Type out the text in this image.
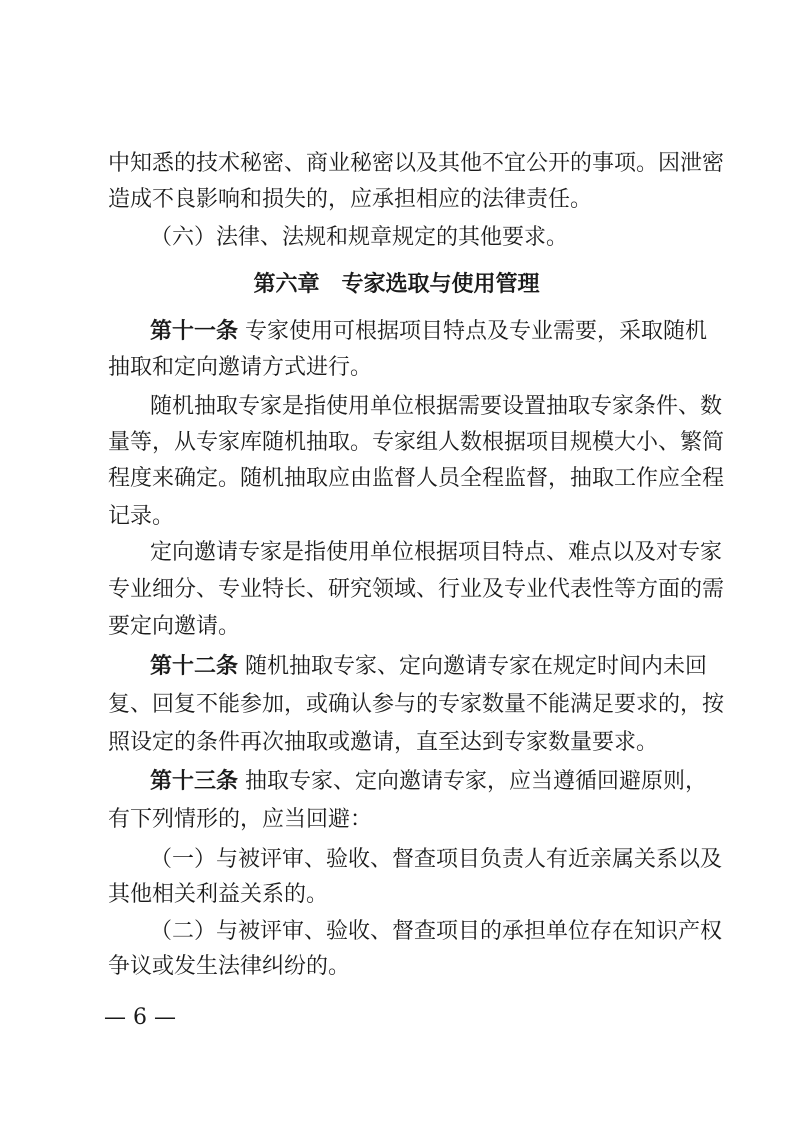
中知悉的技术秘密、商业秘密以及其他不宜公开的事项。因泄密
造成不良影响和损失的，应承担相应的法律责任。
（六）法律、法规和规章规定的其他要求。
第六章 专家选取与使用管理
第十一条 专家使用可根据项目特点及专业需要，采取随机
抽取和定向邀请方式进行。
随机抽取专家是指使用单位根据需要设置抽取专家条件、数
量等，从专家库随机抽取。专家组人数根据项目规模大小、繁简
程度来确定。随机抽取应由监督人员全程监督，抽取工作应全程
记录。
定向邀请专家是指使用单位根据项目特点、难点以及对专家
专业细分、专业特长、研究领域、行业及专业代表性等方面的需
要定向邀请。
第十二条 随机抽取专家、定向邀请专家在规定时间内未回
复、回复不能参加，或确认参与的专家数量不能满足要求的，按
照设定的条件再次抽取或邀请，直至达到专家数量要求。
第十三条 抽取专家、定向邀请专家，应当遵循回避原则，
有下列情形的，应当回避：
（一）与被评审、验收、督查项目负责人有近亲属关系以及
其他相关利益关系的。
（二）与被评审、验收、督查项目的承担单位存在知识产权
争议或发生法律纠纷的。
— 6 —
